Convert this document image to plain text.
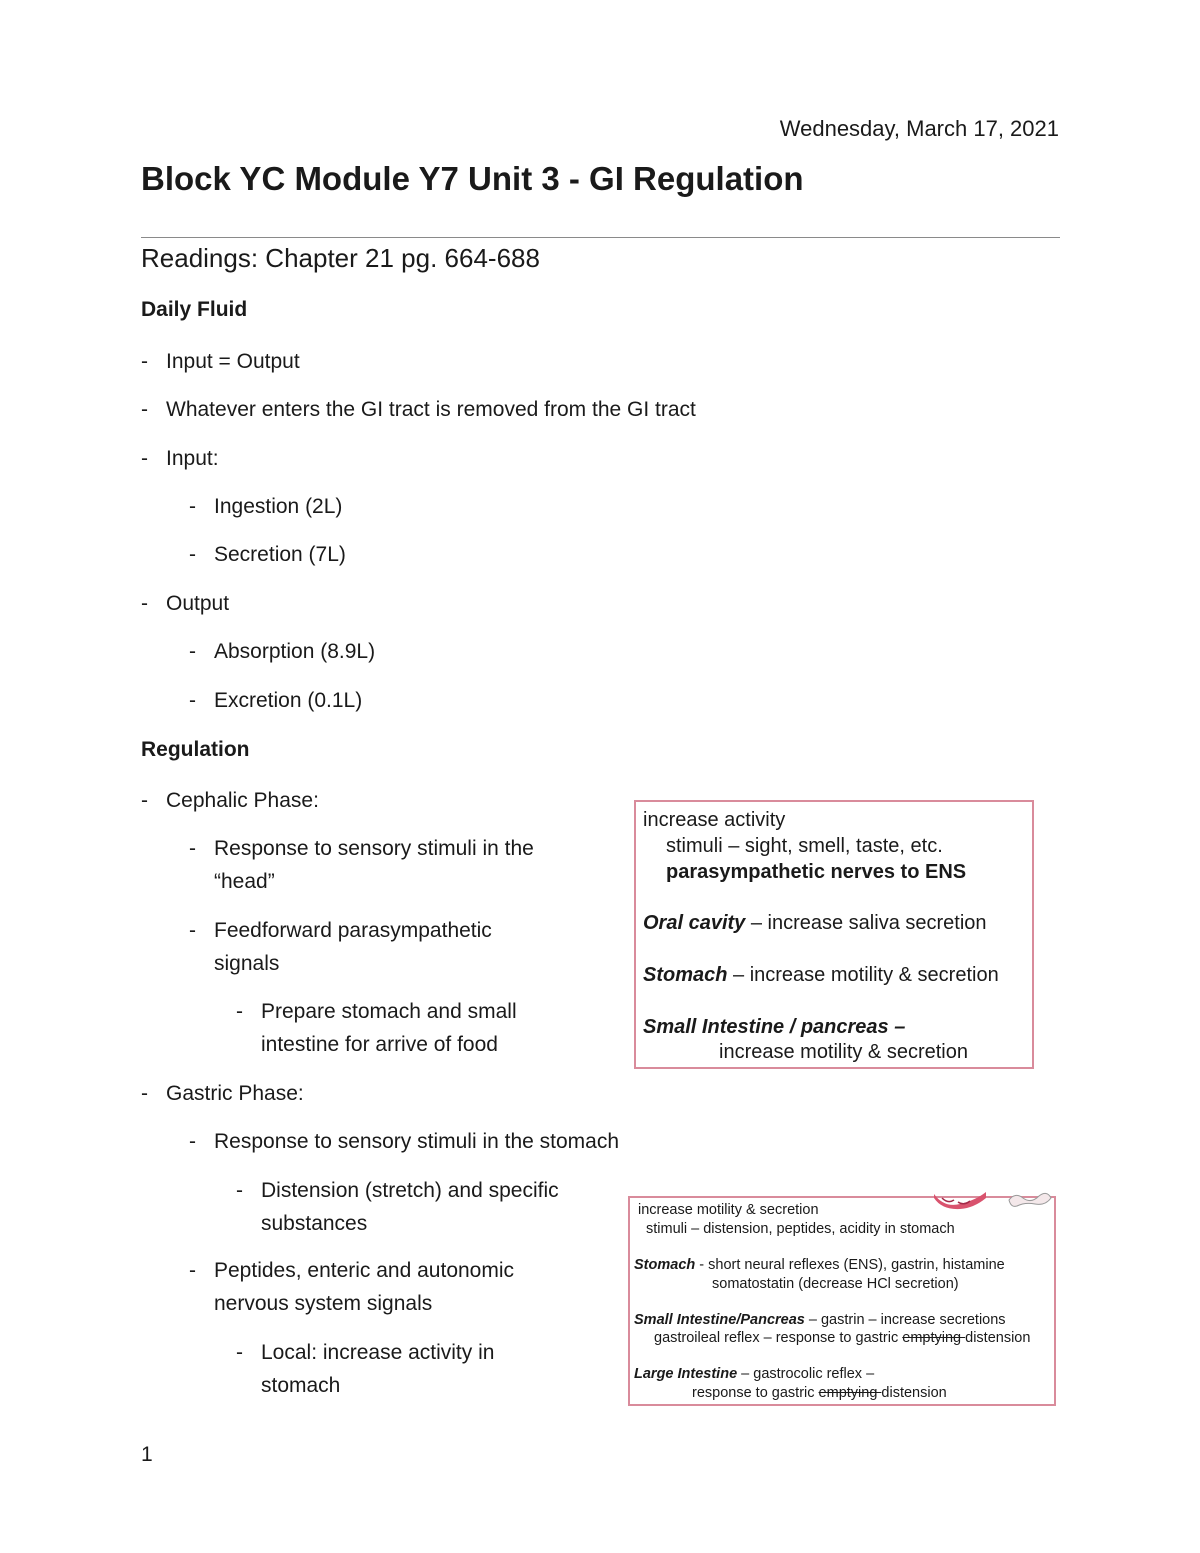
Wednesday, March 17, 2021
Block YC Module Y7 Unit 3 - GI Regulation
Readings: Chapter 21 pg. 664-688
Daily Fluid
- Input = Output
- Whatever enters the GI tract is removed from the GI tract
- Input:
- Ingestion (2L)
- Secretion (7L)
- Output
- Absorption (8.9L)
- Excretion (0.1L)
Regulation
- Cephalic Phase:
- Response to sensory stimuli in the
“head”
- Feedforward parasympathetic
signals
- Prepare stomach and small
intestine for arrive of food
- Gastric Phase:
- Response to sensory stimuli in the stomach
- Distension (stretch) and specific
substances
- Peptides, enteric and autonomic
nervous system signals
- Local: increase activity in
stomach
increase activity
stimuli – sight, smell, taste, etc.
parasympathetic nerves to ENS
Oral cavity – increase saliva secretion
Stomach – increase motility & secretion
Small Intestine / pancreas –
increase motility & secretion
increase motility & secretion
stimuli – distension, peptides, acidity in stomach
Stomach - short neural reflexes (ENS), gastrin, histamine
somatostatin (decrease HCl secretion)
Small Intestine/Pancreas – gastrin – increase secretions
gastroileal reflex – response to gastric emptying distension
Large Intestine – gastrocolic reflex –
response to gastric emptying distension
1
